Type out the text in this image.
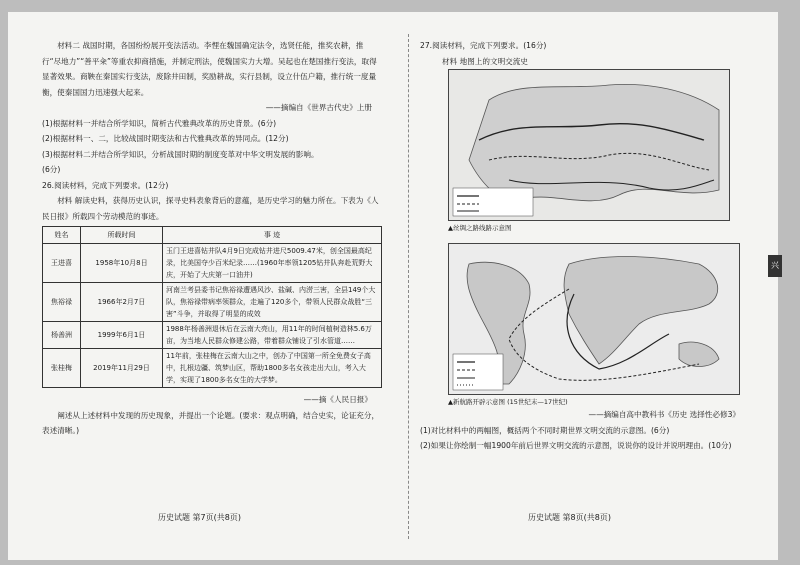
材料二 战国时期，各国纷纷展开变法活动。李悝在魏国确定法令，选贤任能，推奖农耕，推行“尽地力”“善平籴”等重农抑商措施，并制定刑法，使魏国实力大增。吴起也在楚国推行变法，取得显著效果。商鞅在秦国实行变法，废除井田制，奖励耕战，实行县制，设立什伍户籍，推行统一度量衡，使秦国国力迅速强大起来。

——摘编自《世界古代史》上册

(1)根据材料一并结合所学知识，简析古代雅典改革的历史背景。(6分)

(2)根据材料一、二，比较战国时期变法和古代雅典改革的异同点。(12分)

(3)根据材料二并结合所学知识，分析战国时期的制度变革对中华文明发展的影响。

(6分)

26.阅读材料，完成下列要求。(12分)

材料 解读史料，获得历史认识，探寻史料表象背后的意蕴，是历史学习的魅力所在。下表为《人民日报》所载四个劳动模范的事迹。

姓名	所载时间	事 迹
王进喜	1958年10月8日	玉门王进喜钻井队4月9日完成钻井进尺5009.47米，创全国最高纪录，比美国夺少百米纪录……(1960年率领1205钻井队奔赴荒野大庆，开始了大庆第一口油井)
焦裕禄	1966年2月7日	河南兰考县委书记焦裕禄遭遇风沙、盐碱、内涝三害，全县149个大队，焦裕禄带病率领群众，走遍了120多个，带领人民群众战胜“三害”斗争，并取得了明显的成效
杨善洲	1999年6月1日	1988年杨善洲退休后在云南大亮山，用11年的时间植树造林5.6万亩，为当地人民群众修建公路，带着群众铺设了引水管道……
张桂梅	2019年11月29日	11年前，张桂梅在云南大山之中，创办了中国第一所全免费女子高中，扎根边疆、筑梦山区，帮助1800多名女孩走出大山，考入大学，实现了1800多名女生的大学梦。

——摘《人民日报》

阐述从上述材料中发现的历史现象，并提出一个论题。(要求：观点明确，结合史实，论证充分，表述清晰。)

历史试题 第7页(共8页)

27.阅读材料，完成下列要求。(16分)

材料 地图上的文明交流史

▲丝绸之路线路示意图

▲新航路开辟示意图 (15世纪末—17世纪)

——摘编自高中教科书《历史 选择性必修3》

(1)对比材料中的两幅图，概括两个不同时期世界文明交流的示意图。(6分)

(2)如果让你绘制一幅1900年前后世界文明交流的示意图，说说你的设计并说明理由。(10分)

历史试题 第8页(共8页)
兴
